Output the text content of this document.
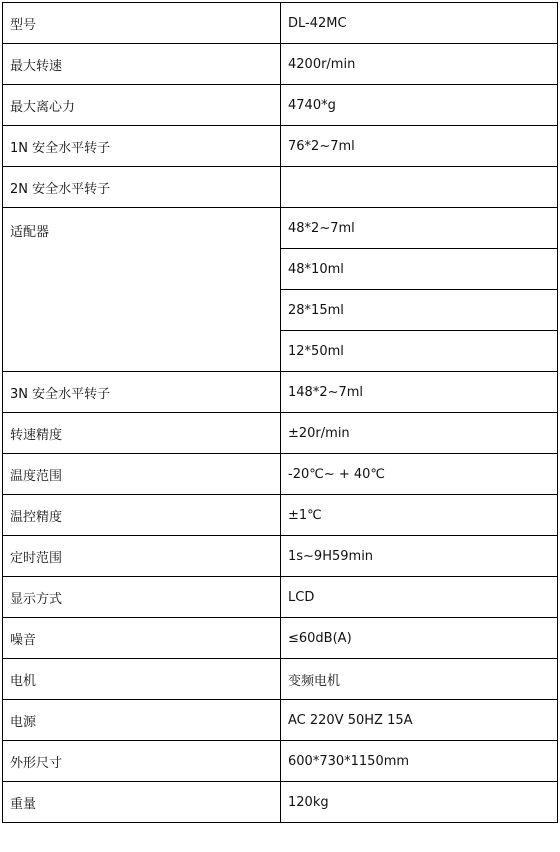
型号	DL-42MC
最大转速	4200r/min
最大离心力	4740*g
1N 安全水平转子	76*2~7ml
2N 安全水平转子	
适配器	48*2~7ml
	48*10ml
	28*15ml
	12*50ml
3N 安全水平转子	148*2~7ml
转速精度	±20r/min
温度范围	-20℃~ + 40℃
温控精度	±1℃
定时范围	1s~9H59min
显示方式	LCD
噪音	≤60dB(A)
电机	变频电机
电源	AC 220V 50HZ 15A
外形尺寸	600*730*1150mm
重量	120kg
